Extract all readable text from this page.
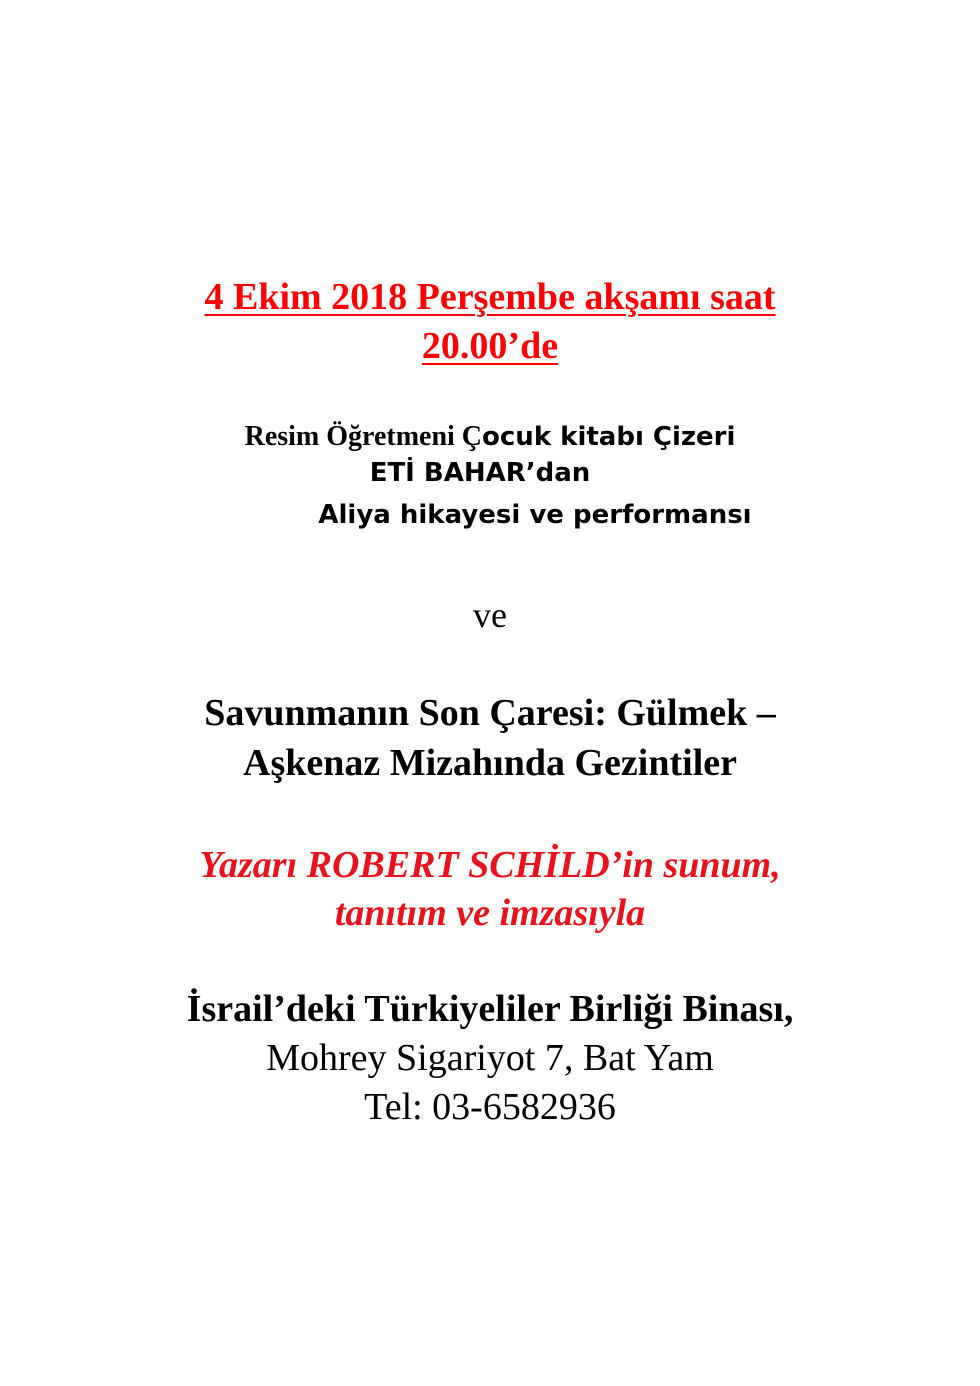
4 Ekim 2018 Perşembe akşamı saat
20.00’de
Resim Öğretmeni Çocuk kitabı Çizeri
ETİ BAHAR’dan
Aliya hikayesi ve performansı
ve
Savunmanın Son Çaresi: Gülmek –
Aşkenaz Mizahında Gezintiler
Yazarı ROBERT SCHİLD’in sunum,
tanıtım ve imzasıyla
İsrail’deki Türkiyeliler Birliği Binası,
Mohrey Sigariyot 7, Bat Yam
Tel: 03-6582936
